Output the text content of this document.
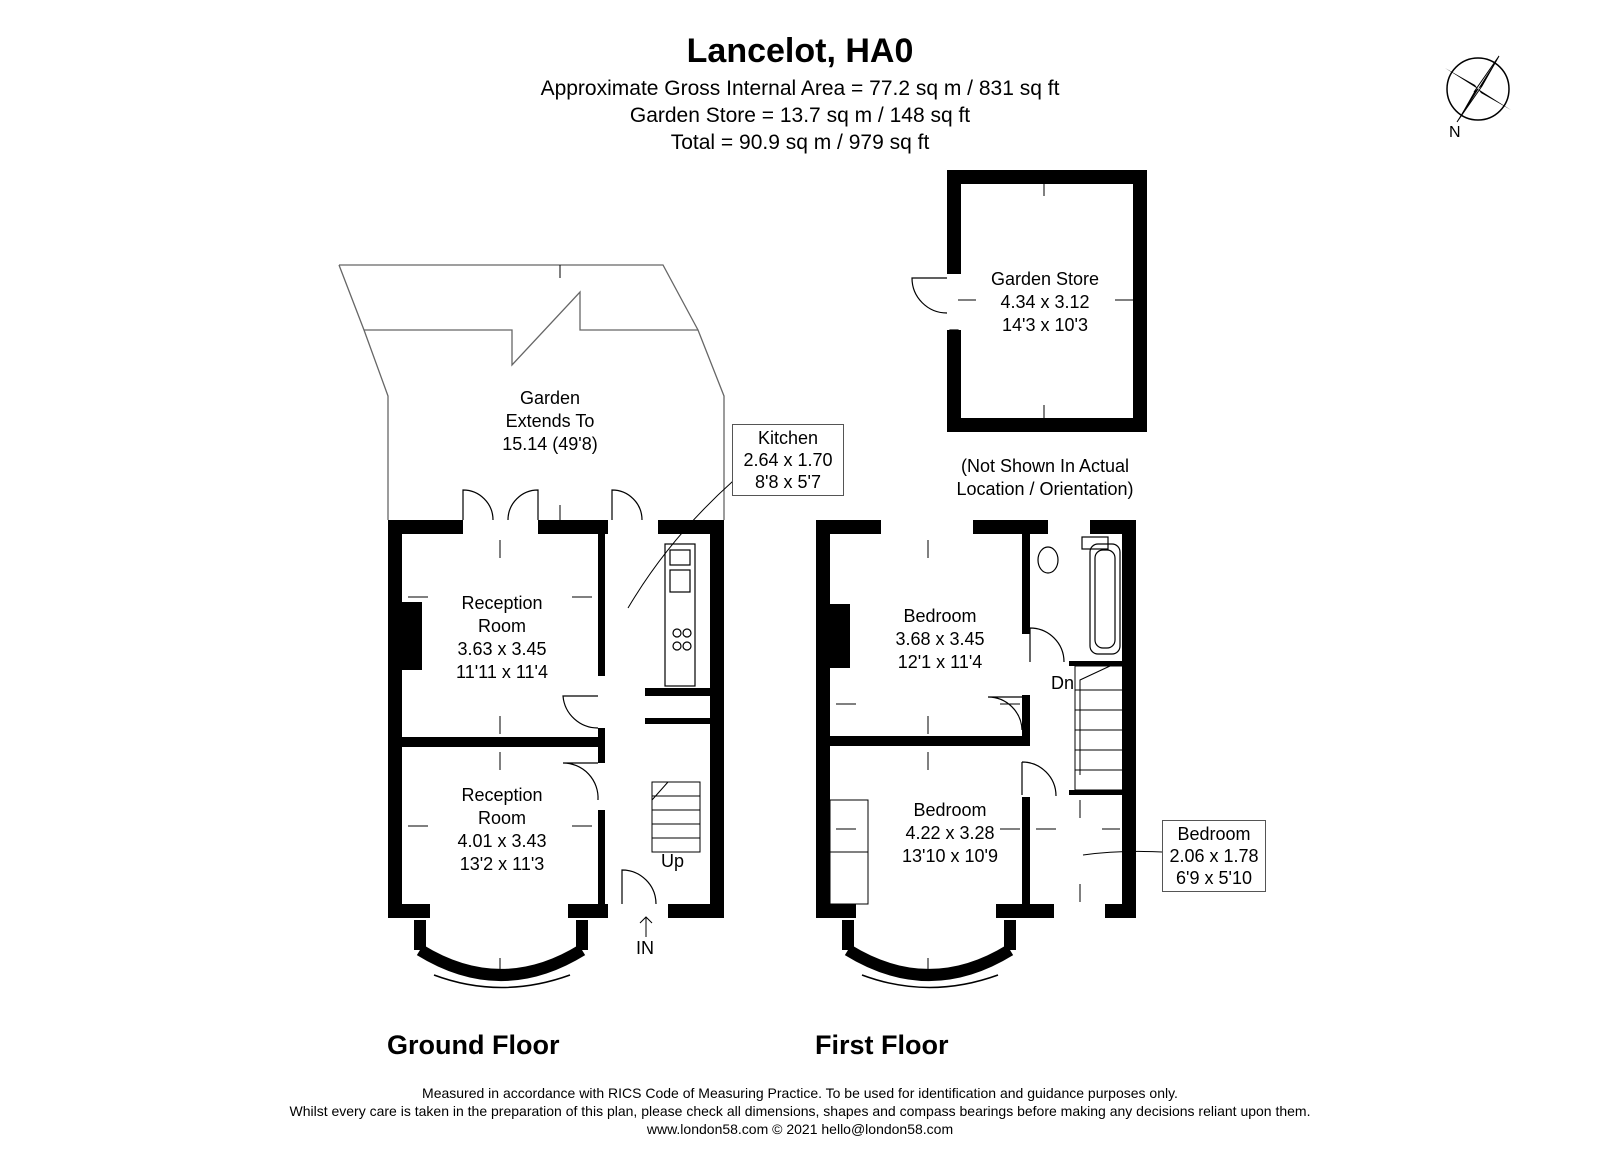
Lancelot, HA0
Approximate Gross Internal Area = 77.2 sq m / 831 sq ft
Garden Store = 13.7 sq m / 148 sq ft
Total = 90.9 sq m / 979 sq ft
Garden
Extends To
15.14 (49'8)	Kitchen
2.64 x 1.70
8'8 x 5'7
Reception
Room
3.63 x 3.45
11'11 x 11'4
Reception
Room
4.01 x 3.43
13'2 x 11'3
Garden Store
4.34 x 3.12
14'3 x 10'3
(Not Shown In Actual
Location / Orientation)
Bedroom
3.68 x 3.45
12'1 x 11'4
Bedroom
4.22 x 3.28
13'10 x 10'9
Bedroom
2.06 x 1.78
6'9 x 5'10
Up
Dn
IN
N
Ground Floor	First Floor
Measured in accordance with RICS Code of Measuring Practice. To be used for identification and guidance purposes only.
Whilst every care is taken in the preparation of this plan, please check all dimensions, shapes and compass bearings before making any decisions reliant upon them.
www.london58.com © 2021 hello@london58.com
